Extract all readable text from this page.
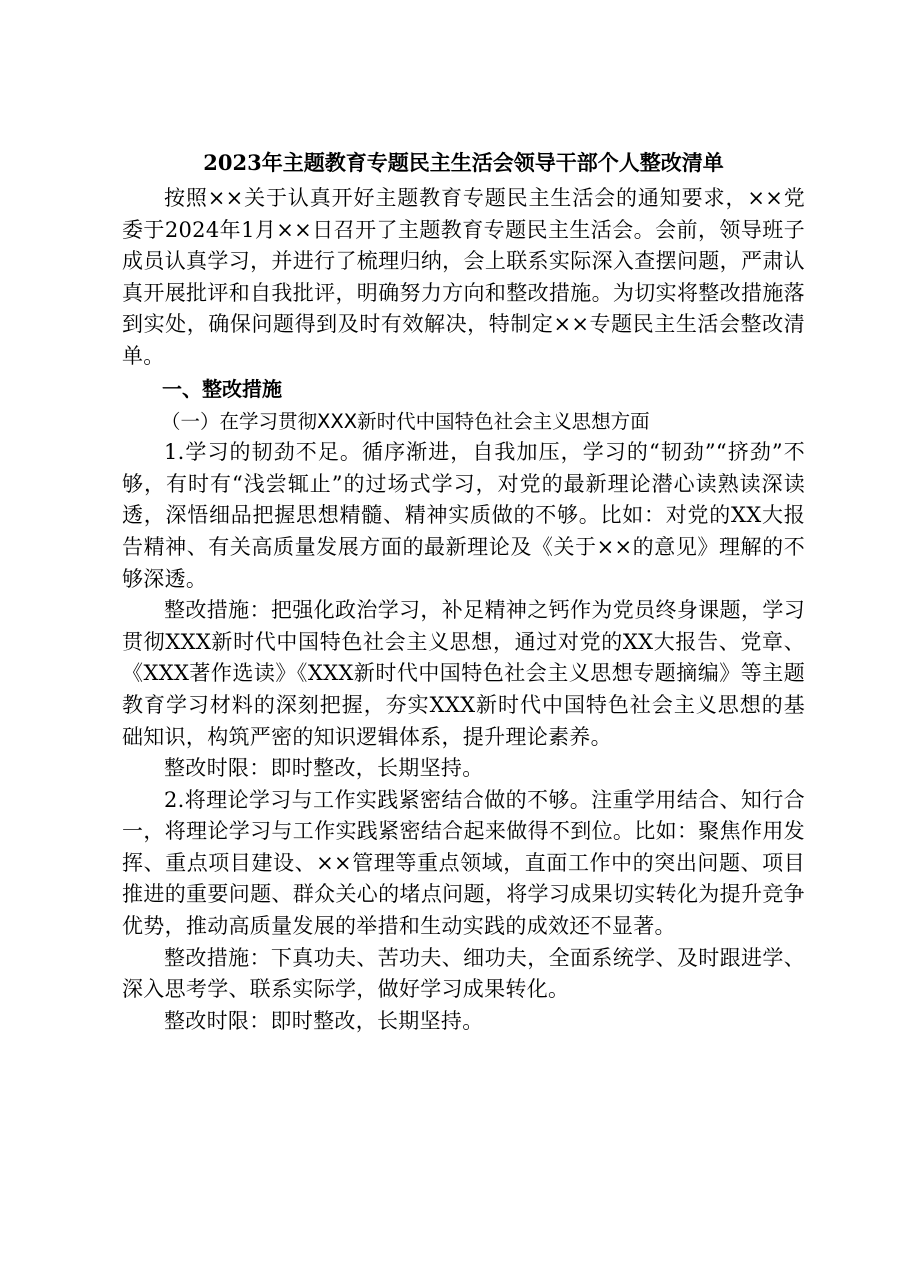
2023年主题教育专题民主生活会领导干部个人整改清单

按照××关于认真开好主题教育专题民主生活会的通知要求，××党委于2024年1月××日召开了主题教育专题民主生活会。会前，领导班子成员认真学习，并进行了梳理归纳，会上联系实际深入查摆问题，严肃认真开展批评和自我批评，明确努力方向和整改措施。为切实将整改措施落到实处，确保问题得到及时有效解决，特制定××专题民主生活会整改清单。

一、整改措施

（一）在学习贯彻XXX新时代中国特色社会主义思想方面

1.学习的韧劲不足。循序渐进，自我加压，学习的“韧劲”“挤劲”不够，有时有“浅尝辄止”的过场式学习，对党的最新理论潜心读熟读深读透，深悟细品把握思想精髓、精神实质做的不够。比如：对党的XX大报告精神、有关高质量发展方面的最新理论及《关于××的意见》理解的不够深透。

整改措施：把强化政治学习，补足精神之钙作为党员终身课题，学习贯彻XXX新时代中国特色社会主义思想，通过对党的XX大报告、党章、《XXX著作选读》《XXX新时代中国特色社会主义思想专题摘编》等主题教育学习材料的深刻把握，夯实XXX新时代中国特色社会主义思想的基础知识，构筑严密的知识逻辑体系，提升理论素养。

整改时限：即时整改，长期坚持。

2.将理论学习与工作实践紧密结合做的不够。注重学用结合、知行合一，将理论学习与工作实践紧密结合起来做得不到位。比如：聚焦作用发挥、重点项目建设、××管理等重点领域，直面工作中的突出问题、项目推进的重要问题、群众关心的堵点问题，将学习成果切实转化为提升竞争优势，推动高质量发展的举措和生动实践的成效还不显著。

整改措施：下真功夫、苦功夫、细功夫，全面系统学、及时跟进学、深入思考学、联系实际学，做好学习成果转化。

整改时限：即时整改，长期坚持。
